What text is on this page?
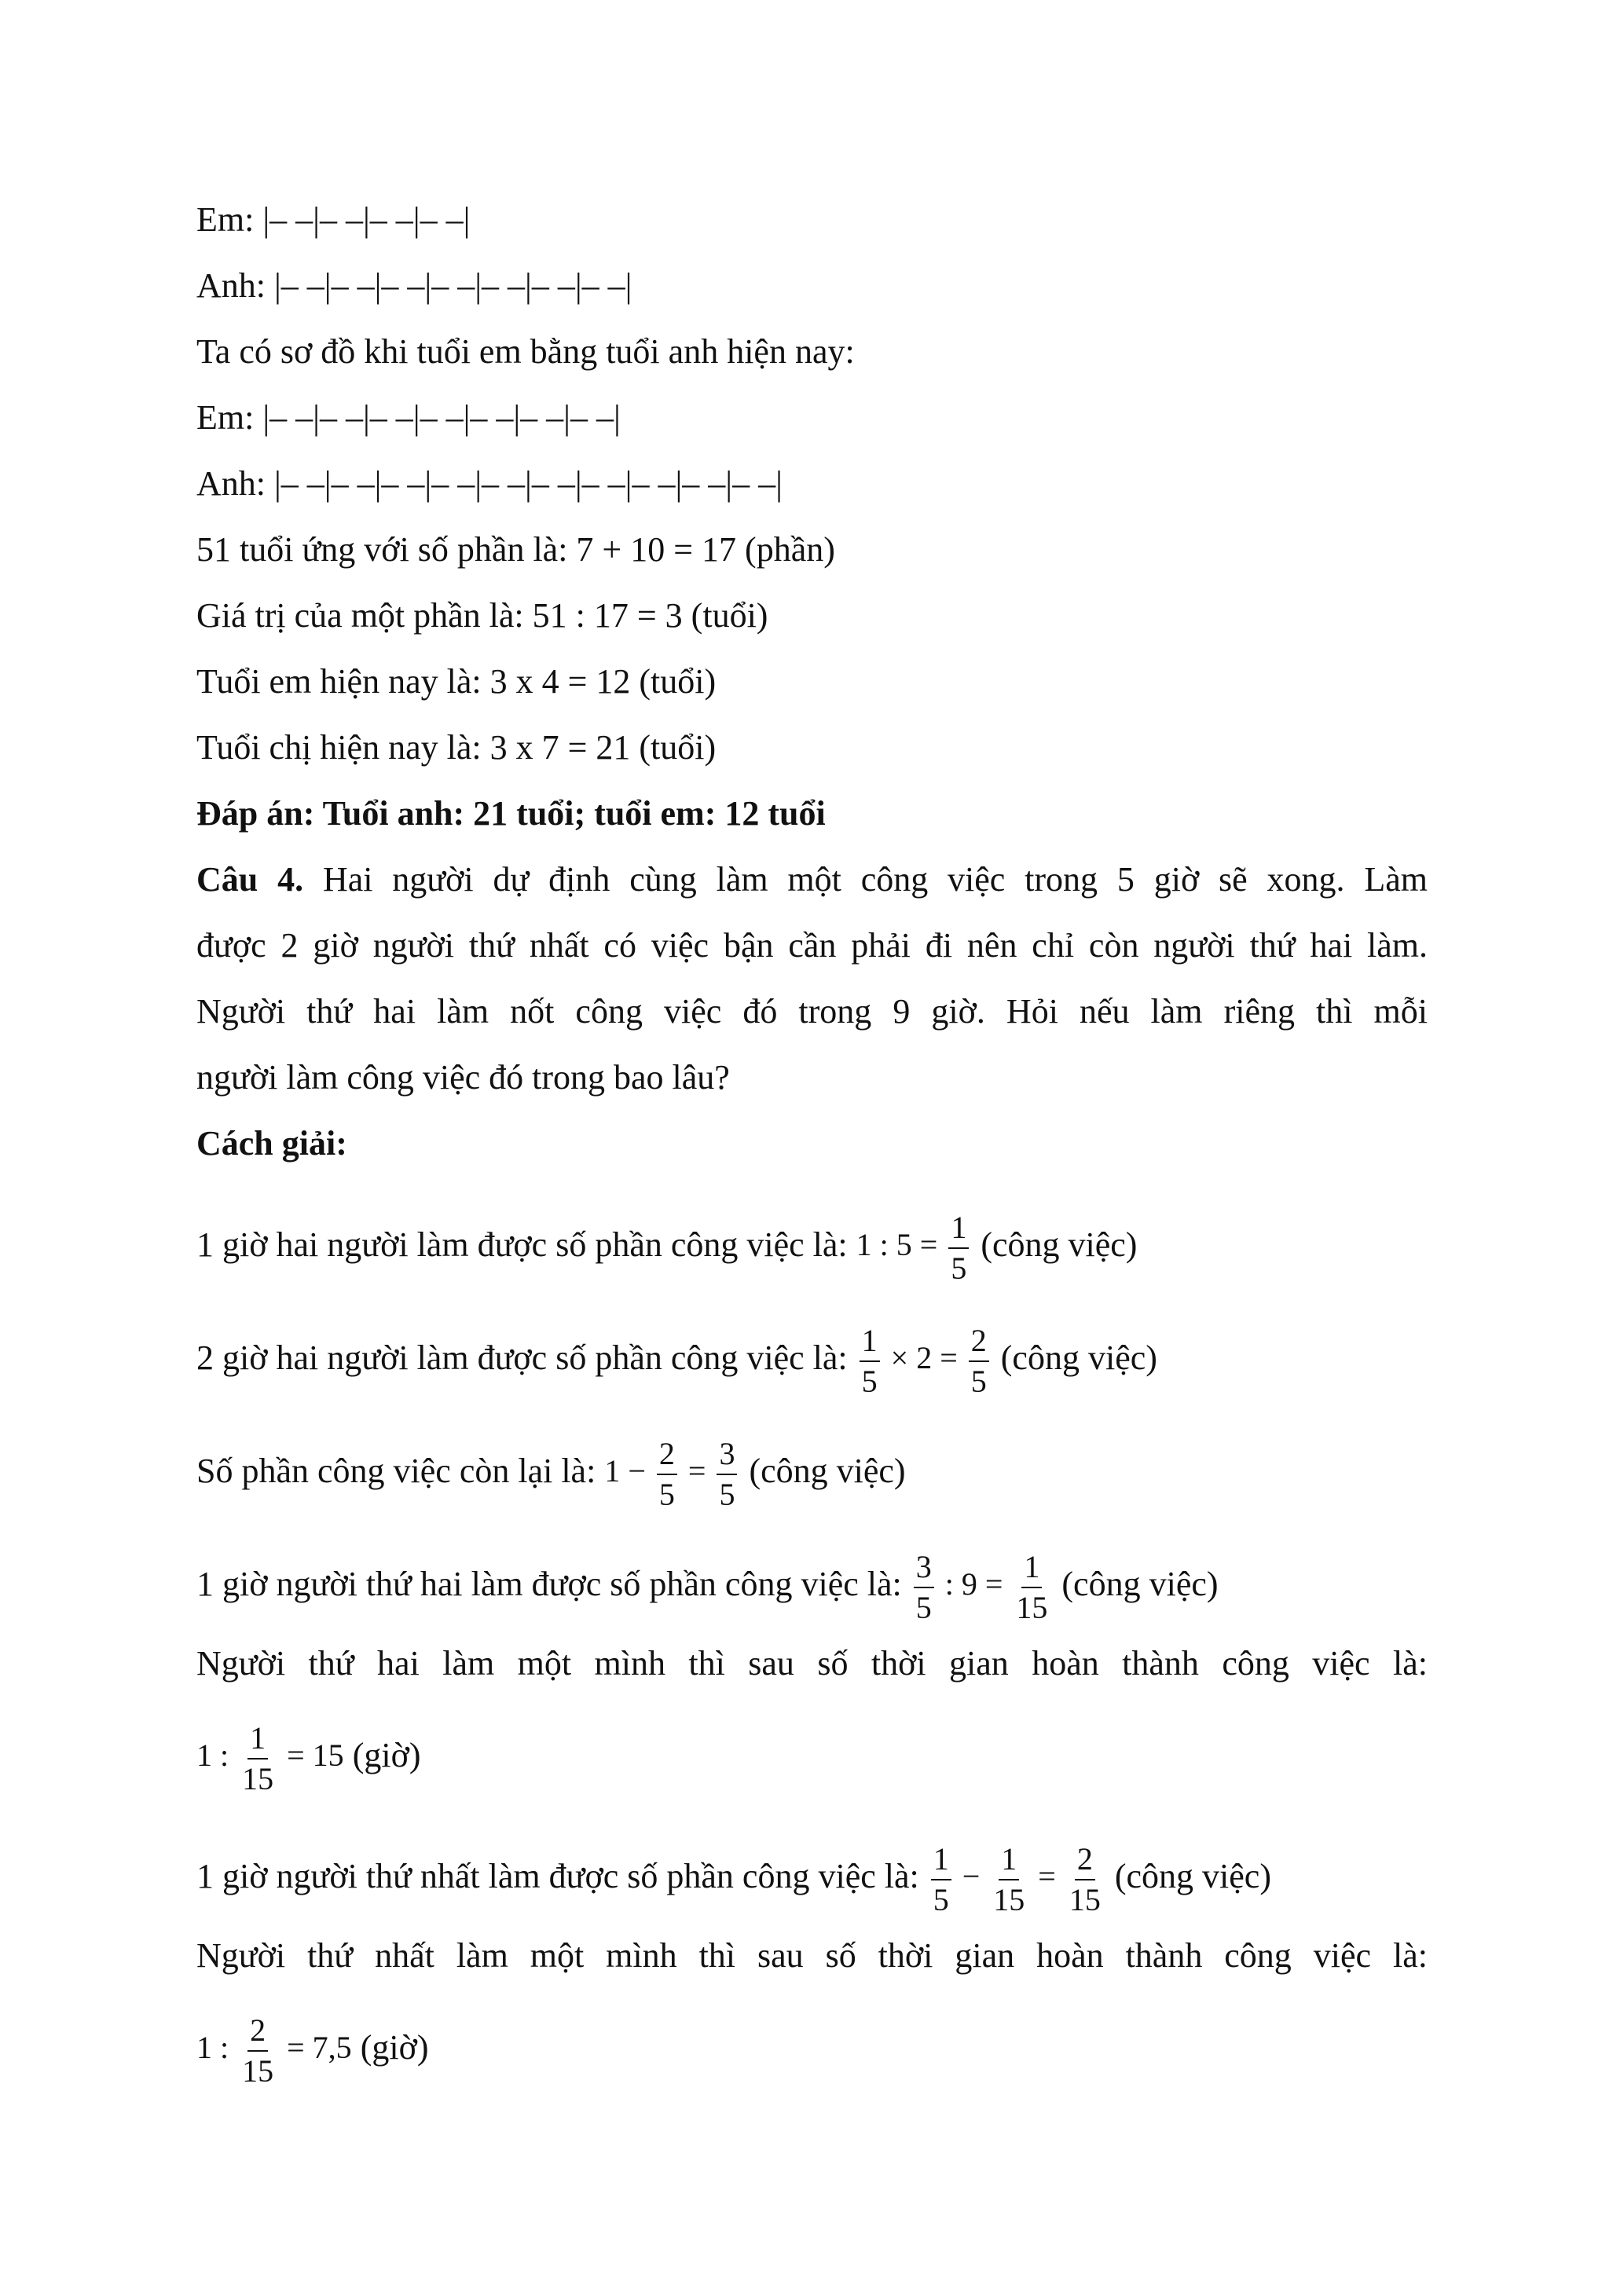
Em: |– –|– –|– –|– –|
Anh: |– –|– –|– –|– –|– –|– –|– –|
Ta có sơ đồ khi tuổi em bằng tuổi anh hiện nay:
Em: |– –|– –|– –|– –|– –|– –|– –|
Anh: |– –|– –|– –|– –|– –|– –|– –|– –|– –|– –|
51 tuổi ứng với số phần là: 7 + 10 = 17 (phần)
Giá trị của một phần là: 51 : 17 = 3 (tuổi)
Tuổi em hiện nay là: 3 x 4 = 12 (tuổi)
Tuổi chị hiện nay là: 3 x 7 = 21 (tuổi)
Đáp án: Tuổi anh: 21 tuổi; tuổi em: 12 tuổi
Câu 4. Hai người dự định cùng làm một công việc trong 5 giờ sẽ xong. Làm
được 2 giờ người thứ nhất có việc bận cần phải đi nên chỉ còn người thứ hai làm.
Người thứ hai làm nốt công việc đó trong 9 giờ. Hỏi nếu làm riêng thì mỗi
người làm công việc đó trong bao lâu?
Cách giải:
1 giờ hai người làm được số phần công việc là: 1 : $5 = \frac{1}{5}$ (công việc)
2 giờ hai người làm được số phần công việc là: $\frac{1}{5} \times 2 = \frac{2}{5}$ (công việc)
Số phần công việc còn lại là: $1 - \frac{2}{5} = \frac{3}{5}$ (công việc)
1 giờ người thứ hai làm được số phần công việc là: $\frac{3}{5}$ : $9 = \frac{1}{15}$ (công việc)
Người thứ hai làm một mình thì sau số thời gian hoàn thành công việc là:
1 : $\frac{1}{15} = 15$ (giờ)
1 giờ người thứ nhất làm được số phần công việc là: $\frac{1}{5} - \frac{1}{15} = \frac{2}{15}$ (công việc)
Người thứ nhất làm một mình thì sau số thời gian hoàn thành công việc là:
1 : $\frac{2}{15} = 7,5$ (giờ)
